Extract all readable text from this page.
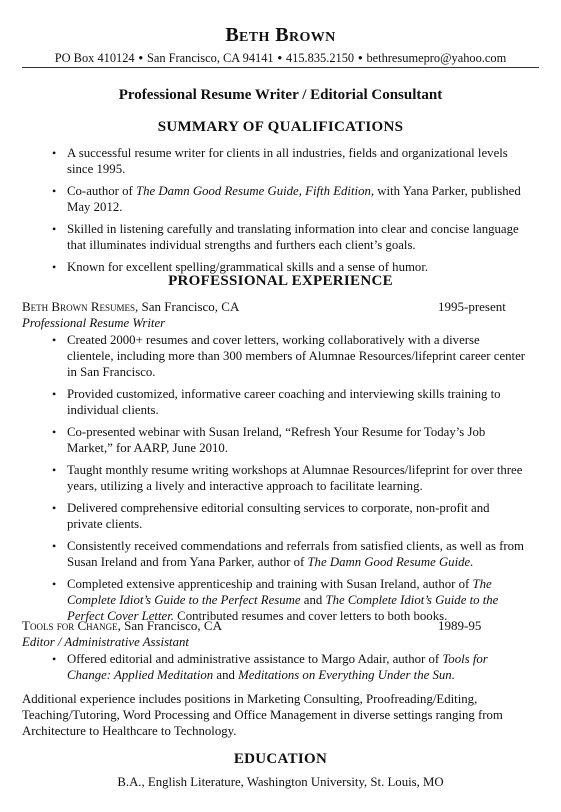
Beth Brown
PO Box 410124 • San Francisco, CA 94141 • 415.835.2150 • bethresumepro@yahoo.com
Professional Resume Writer / Editorial Consultant
SUMMARY OF QUALIFICATIONS
• A successful resume writer for clients in all industries, fields and organizational levels since 1995.
• Co-author of The Damn Good Resume Guide, Fifth Edition, with Yana Parker, published May 2012.
• Skilled in listening carefully and translating information into clear and concise language that illuminates individual strengths and furthers each client’s goals.
• Known for excellent spelling/grammatical skills and a sense of humor.
PROFESSIONAL EXPERIENCE
Beth Brown Resumes, San Francisco, CA	1995-present
Professional Resume Writer
• Created 2000+ resumes and cover letters, working collaboratively with a diverse clientele, including more than 300 members of Alumnae Resources/lifeprint career center in San Francisco.
• Provided customized, informative career coaching and interviewing skills training to individual clients.
• Co-presented webinar with Susan Ireland, “Refresh Your Resume for Today’s Job Market,” for AARP, June 2010.
• Taught monthly resume writing workshops at Alumnae Resources/lifeprint for over three years, utilizing a lively and interactive approach to facilitate learning.
• Delivered comprehensive editorial consulting services to corporate, non-profit and private clients.
• Consistently received commendations and referrals from satisfied clients, as well as from Susan Ireland and from Yana Parker, author of The Damn Good Resume Guide.
• Completed extensive apprenticeship and training with Susan Ireland, author of The Complete Idiot’s Guide to the Perfect Resume and The Complete Idiot’s Guide to the Perfect Cover Letter. Contributed resumes and cover letters to both books.
Tools for Change, San Francisco, CA	1989-95
Editor / Administrative Assistant
• Offered editorial and administrative assistance to Margo Adair, author of Tools for Change: Applied Meditation and Meditations on Everything Under the Sun.
Additional experience includes positions in Marketing Consulting, Proofreading/Editing, Teaching/Tutoring, Word Processing and Office Management in diverse settings ranging from Architecture to Healthcare to Technology.
EDUCATION
B.A., English Literature, Washington University, St. Louis, MO
